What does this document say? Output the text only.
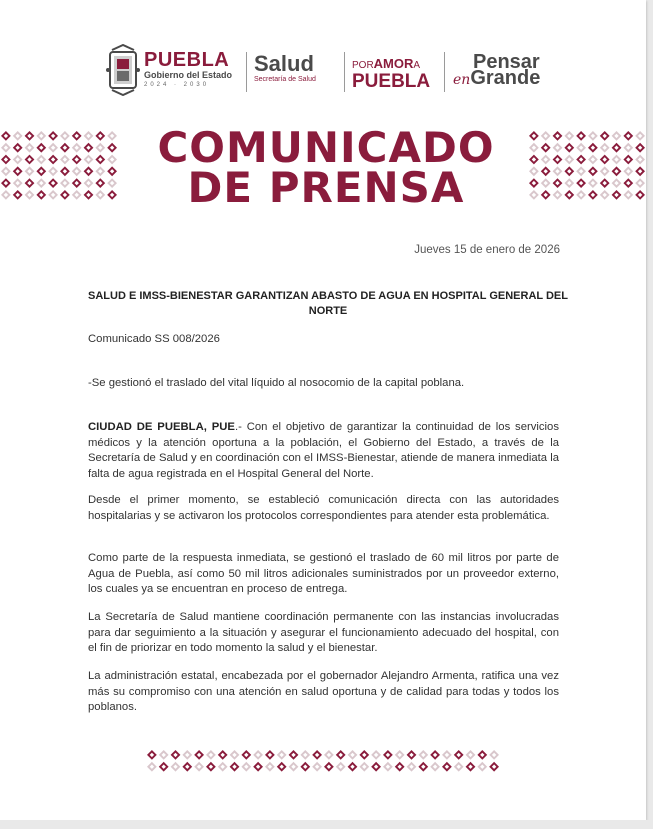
PUEBLA
Gobierno del Estado
2024 · 2030
Salud
Secretaría de Salud
PORAMORA
PUEBLA
Pensar
enGrande
COMUNICADO
DE PRENSA
Jueves 15 de enero de 2026
SALUD E IMSS-BIENESTAR GARANTIZAN ABASTO DE AGUA EN HOSPITAL GENERAL DEL NORTE
Comunicado SS 008/2026
-Se gestionó el traslado del vital líquido al nosocomio de la capital poblana.
CIUDAD DE PUEBLA, PUE.- Con el objetivo de garantizar la continuidad de los servicios médicos y la atención oportuna a la población, el Gobierno del Estado, a través de la Secretaría de Salud y en coordinación con el IMSS-Bienestar, atiende de manera inmediata la falta de agua registrada en el Hospital General del Norte.
Desde el primer momento, se estableció comunicación directa con las autoridades hospitalarias y se activaron los protocolos correspondientes para atender esta problemática.
Como parte de la respuesta inmediata, se gestionó el traslado de 60 mil litros por parte de Agua de Puebla, así como 50 mil litros adicionales suministrados por un proveedor externo, los cuales ya se encuentran en proceso de entrega.
La Secretaría de Salud mantiene coordinación permanente con las instancias involucradas para dar seguimiento a la situación y asegurar el funcionamiento adecuado del hospital, con el fin de priorizar en todo momento la salud y el bienestar.
La administración estatal, encabezada por el gobernador Alejandro Armenta, ratifica una vez más su compromiso con una atención en salud oportuna y de calidad para todas y todos los poblanos.
